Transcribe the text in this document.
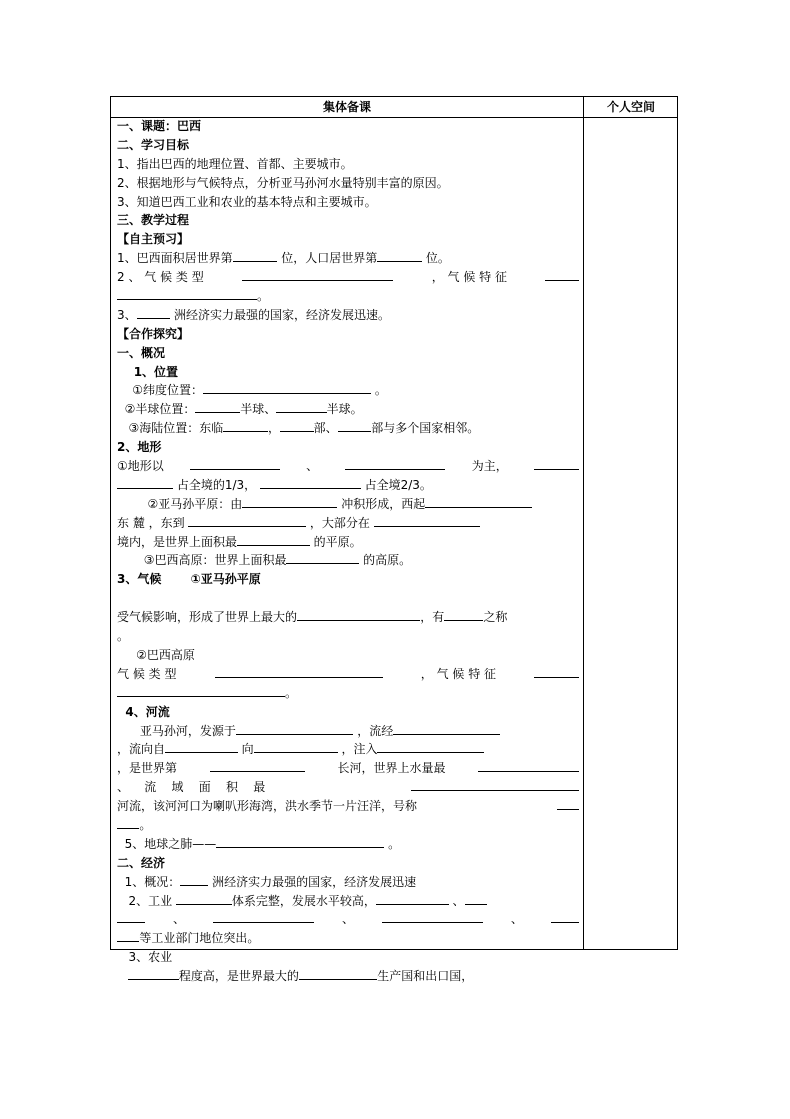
集体备课	个人空间
一、课题：巴西
二、学习目标
1、指出巴西的地理位置、首都、主要城市。
2、根据地形与气候特点，分析亚马孙河水量特别丰富的原因。
3、知道巴西工业和农业的基本特点和主要城市。
三、教学过程
【自主预习】
1、巴西面积居世界第	位，人口居世界第	位。
2 、 气 候 类 型	， 气 候 特 征
。
3、	洲经济实力最强的国家，经济发展迅速。
【合作探究】
一、概况
1、位置
①纬度位置：	。
②半球位置：	半球、	半球。
③海陆位置：东临	，	部、	部与多个国家相邻。
2、地形
①地形以	、	为主，
占全境的1/3，	占全境2/3。
②亚马孙平原：由	冲积形成，西起
东 麓 ，东到	，大部分在
境内，是世界上面积最	的平原。
③巴西高原：世界上面积最	的高原。
3、气候       ①亚马孙平原
受气候影响，形成了世界上最大的	，有	之称
。
②巴西高原
气 候 类 型	， 气 候 特 征
。
4、河流
亚马孙河，发源于	，流经
，流向自	向	，注入
，是世界第	长河，世界上水量最
、    流    域    面    积    最
河流，该河河口为喇叭形海湾，洪水季节一片汪洋，号称
。
5、地球之肺——	。
二、经济
1、概况： 洲经济实力最强的国家，经济发展迅速
2、工业	体系完整，发展水平较高，	、
、	、	、
等工业部门地位突出。
3、农业
程度高，是世界最大的	生产国和出口国，
